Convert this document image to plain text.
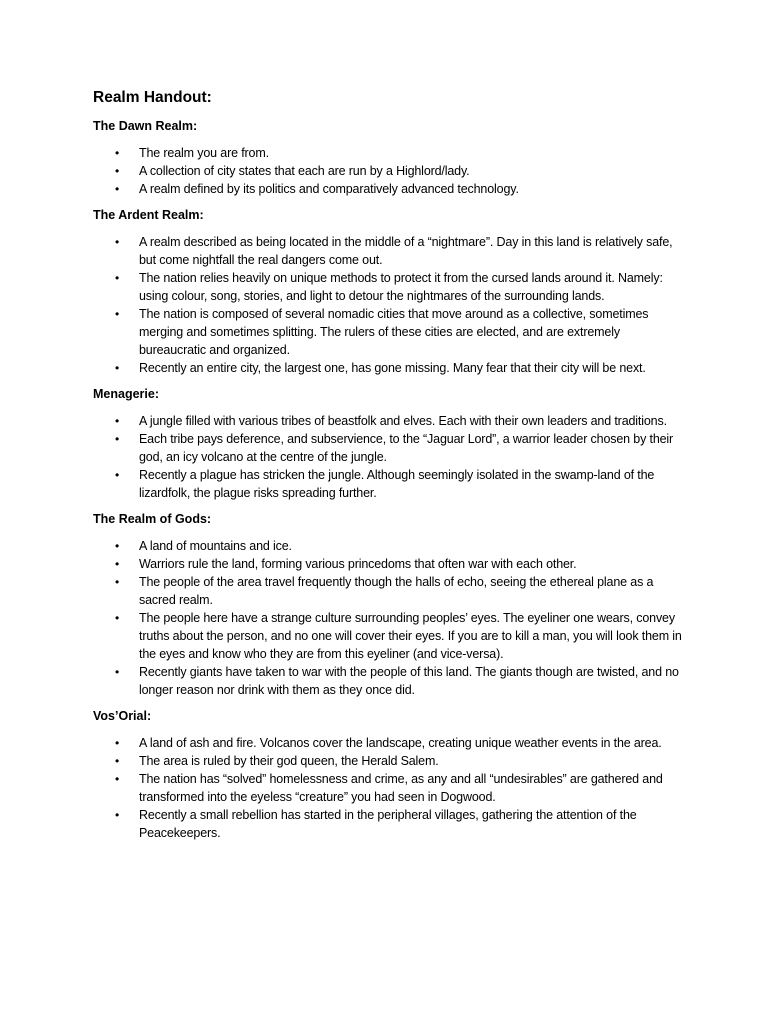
Realm Handout:
The Dawn Realm:
• The realm you are from.
• A collection of city states that each are run by a Highlord/lady.
• A realm defined by its politics and comparatively advanced technology.
The Ardent Realm:
• A realm described as being located in the middle of a “nightmare”. Day in this land is relatively safe, but come nightfall the real dangers come out.
• The nation relies heavily on unique methods to protect it from the cursed lands around it. Namely: using colour, song, stories, and light to detour the nightmares of the surrounding lands.
• The nation is composed of several nomadic cities that move around as a collective, sometimes merging and sometimes splitting. The rulers of these cities are elected, and are extremely bureaucratic and organized.
• Recently an entire city, the largest one, has gone missing. Many fear that their city will be next.
Menagerie:
• A jungle filled with various tribes of beastfolk and elves. Each with their own leaders and traditions.
• Each tribe pays deference, and subservience, to the “Jaguar Lord”, a warrior leader chosen by their god, an icy volcano at the centre of the jungle.
• Recently a plague has stricken the jungle. Although seemingly isolated in the swamp-land of the lizardfolk, the plague risks spreading further.
The Realm of Gods:
• A land of mountains and ice.
• Warriors rule the land, forming various princedoms that often war with each other.
• The people of the area travel frequently though the halls of echo, seeing the ethereal plane as a sacred realm.
• The people here have a strange culture surrounding peoples’ eyes. The eyeliner one wears, convey truths about the person, and no one will cover their eyes. If you are to kill a man, you will look them in the eyes and know who they are from this eyeliner (and vice-versa).
• Recently giants have taken to war with the people of this land. The giants though are twisted, and no longer reason nor drink with them as they once did.
Vos’Orial:
• A land of ash and fire. Volcanos cover the landscape, creating unique weather events in the area.
• The area is ruled by their god queen, the Herald Salem.
• The nation has “solved” homelessness and crime, as any and all “undesirables” are gathered and transformed into the eyeless “creature” you had seen in Dogwood.
• Recently a small rebellion has started in the peripheral villages, gathering the attention of the Peacekeepers.
